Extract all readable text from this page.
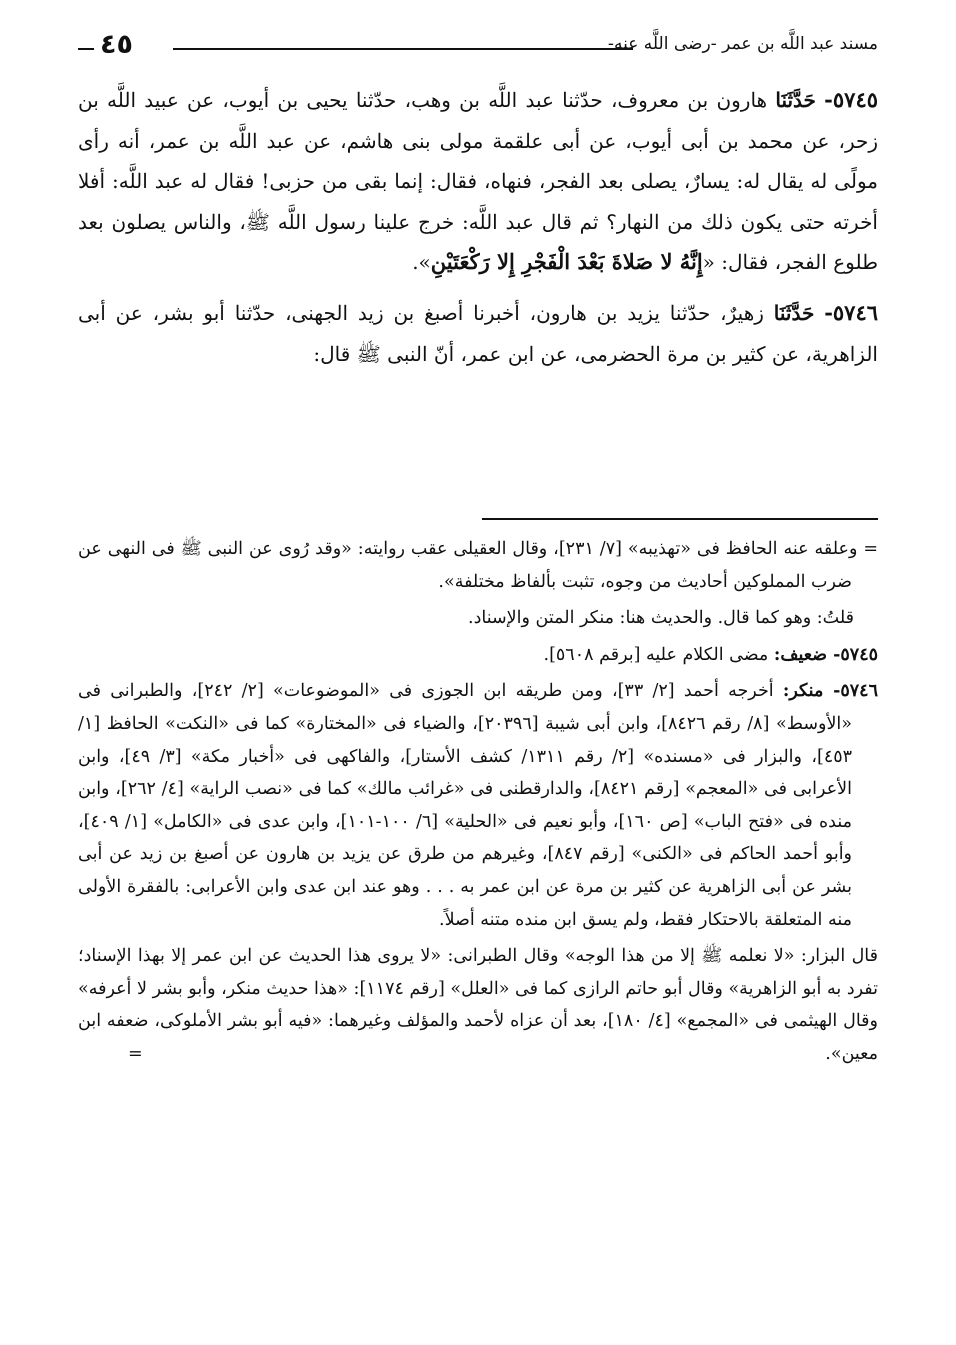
مسند عبد اللَّه بن عمر -رضى اللَّه عنه-
٤٥

٥٧٤٥- حَدَّثَنَا هارون بن معروف، حدّثنا عبد اللَّه بن وهب، حدّثنا يحيى بن أيوب، عن عبيد اللَّه بن زحر، عن محمد بن أبى أيوب، عن أبى علقمة مولى بنى هاشم، عن عبد اللَّه بن عمر، أنه رأى مولًى له يقال له: يسارٌ، يصلى بعد الفجر، فنهاه، فقال: إنما بقى من حزبى! فقال له عبد اللَّه: أفلا أخرته حتى يكون ذلك من النهار؟ ثم قال عبد اللَّه: خرج علينا رسول اللَّه ﷺ، والناس يصلون بعد طلوع الفجر، فقال: «إِنَّهُ لا صَلاةَ بَعْدَ الْفَجْرِ إِلا رَكْعَتَيْنِ».

٥٧٤٦- حَدَّثَنَا زهيرٌ، حدّثنا يزيد بن هارون، أخبرنا أصبغ بن زيد الجهنى، حدّثنا أبو بشر، عن أبى الزاهرية، عن كثير بن مرة الحضرمى، عن ابن عمر، أنّ النبى ﷺ قال:

= وعلقه عنه الحافظ فى «تهذيبه» [٧/ ٢٣١]، وقال العقيلى عقب روايته: «وقد رُوى عن النبى ﷺ فى النهى عن ضرب المملوكين أحاديث من وجوه، تثبت بألفاظ مختلفة».

قلتُ: وهو كما قال. والحديث هنا: منكر المتن والإسناد.

٥٧٤٥- ضعيف: مضى الكلام عليه [برقم ٥٦٠٨].

٥٧٤٦- منكر: أخرجه أحمد [٢/ ٣٣]، ومن طريقه ابن الجوزى فى «الموضوعات» [٢/ ٢٤٢]، والطبرانى فى «الأوسط» [٨/ رقم ٨٤٢٦]، وابن أبى شيبة [٢٠٣٩٦]، والضياء فى «المختارة» كما فى «النكت» الحافظ [١/ ٤٥٣]، والبزار فى «مسنده» [٢/ رقم ١٣١١/ كشف الأستار]، والفاكهى فى «أخبار مكة» [٣/ ٤٩]، وابن الأعرابى فى «المعجم» [رقم ٨٤٢١]، والدارقطنى فى «غرائب مالك» كما فى «نصب الراية» [٤/ ٢٦٢]، وابن منده فى «فتح الباب» [ص ١٦٠]، وأبو نعيم فى «الحلية» [٦/ ١٠٠-١٠١]، وابن عدى فى «الكامل» [١/ ٤٠٩]، وأبو أحمد الحاكم فى «الكنى» [رقم ٨٤٧]، وغيرهم من طرق عن يزيد بن هارون عن أصبغ بن زيد عن أبى بشر عن أبى الزاهرية عن كثير بن مرة عن ابن عمر به . . . وهو عند ابن عدى وابن الأعرابى: بالفقرة الأولى منه المتعلقة بالاحتكار فقط، ولم يسق ابن منده متنه أصلاً.

قال البزار: «لا نعلمه ﷺ إلا من هذا الوجه» وقال الطبرانى: «لا يروى هذا الحديث عن ابن عمر إلا بهذا الإسناد؛ تفرد به أبو الزاهرية» وقال أبو حاتم الرازى كما فى «العلل» [رقم ١١٧٤]: «هذا حديث منكر، وأبو بشر لا أعرفه» وقال الهيثمى فى «المجمع» [٤/ ١٨٠]، بعد أن عزاه لأحمد والمؤلف وغيرهما: «فيه أبو بشر الأملوكى، ضعفه ابن معين».
=
